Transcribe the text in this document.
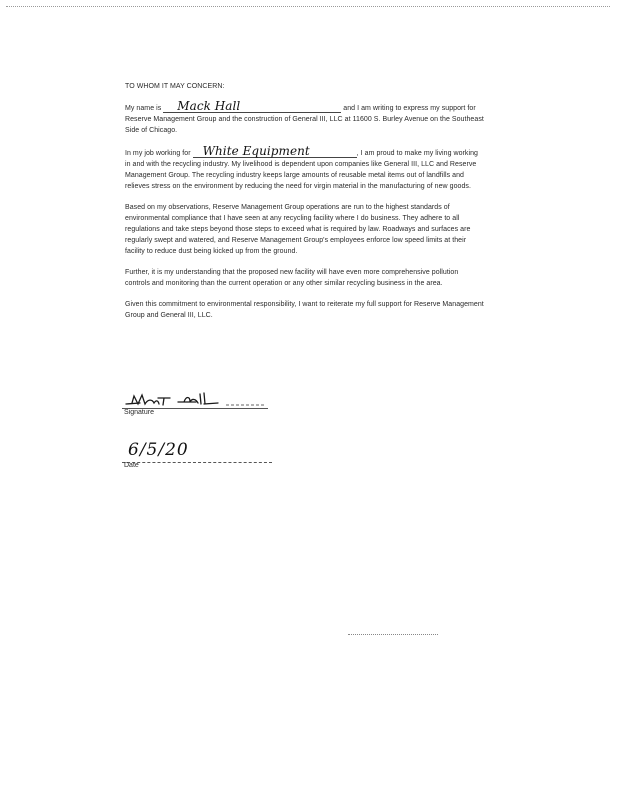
TO WHOM IT MAY CONCERN:

My name is Mack Hall	and I am writing to express my support for Reserve Management Group and the construction of General III, LLC at 11600 S. Burley Avenue on the Southeast Side of Chicago.

In my job working for White Equipment	, I am proud to make my living working in and with the recycling industry. My livelihood is dependent upon companies like General III, LLC and Reserve Management Group. The recycling industry keeps large amounts of reusable metal items out of landfills and relieves stress on the environment by reducing the need for virgin material in the manufacturing of new goods.

Based on my observations, Reserve Management Group operations are run to the highest standards of environmental compliance that I have seen at any recycling facility where I do business. They adhere to all regulations and take steps beyond those steps to exceed what is required by law. Roadways and surfaces are regularly swept and watered, and Reserve Management Group's employees enforce low speed limits at their facility to reduce dust being kicked up from the ground.

Further, it is my understanding that the proposed new facility will have even more comprehensive pollution controls and monitoring than the current operation or any other similar recycling business in the area.

Given this commitment to environmental responsibility, I want to reiterate my full support for Reserve Management Group and General III, LLC.

Signature
6/5/20
Date
